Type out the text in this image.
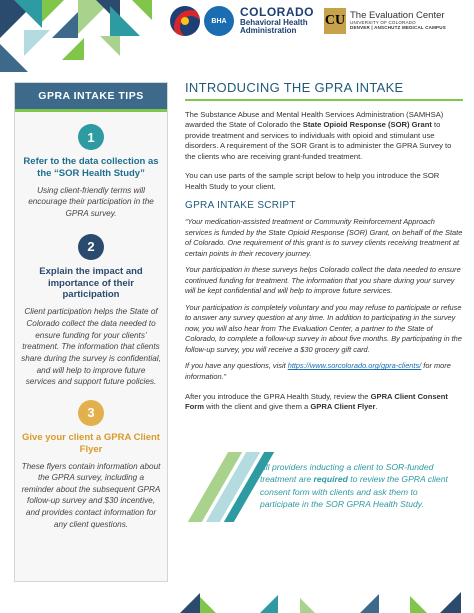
BHA
COLORADO
Behavioral Health
Administration
CU The Evaluation Center
UNIVERSITY OF COLORADO
DENVER | ANSCHUTZ MEDICAL CAMPUS
GPRA INTAKE TIPS
1
Refer to the data collection as the “SOR Health Study”
Using client-friendly terms will encourage their participation in the GPRA survey.
2
Explain the impact and importance of their participation
Client participation helps the State of Colorado collect the data needed to ensure funding for your clients’ treatment. The information that clients share during the survey is confidential, and will help to improve future services and support future policies.
3
Give your client a GPRA Client Flyer
These flyers contain information about the GPRA survey, including a reminder about the subsequent GPRA follow-up survey and $30 incentive, and provides contact information for any client questions.
INTRODUCING THE GPRA INTAKE

The Substance Abuse and Mental Health Services Administration (SAMHSA) awarded the State of Colorado the State Opioid Response (SOR) Grant to provide treatment and services to individuals with opioid and stimulant use disorders. A requirement of the SOR Grant is to administer the GPRA Survey to the clients who are receiving grant-funded treatment.

You can use parts of the sample script below to help you introduce the SOR Health Study to your client.

GPRA INTAKE SCRIPT

“Your medication-assisted treatment or Community Reinforcement Approach services is funded by the State Opioid Response (SOR) Grant, on behalf of the State of Colorado. One requirement of this grant is to survey clients receiving treatment at certain points in their recovery journey.

Your participation in these surveys helps Colorado collect the data needed to ensure continued funding for treatment. The information that you share during your survey will be kept confidential and will help to improve future services.

Your participation is completely voluntary and you may refuse to participate or refuse to answer any survey question at any time. In addition to participating in the survey now, you will also hear from The Evaluation Center, a partner to the State of Colorado, to complete a follow-up survey in about five months. By participating in the follow-up survey, you will receive a $30 grocery gift card.

If you have any questions, visit https://www.sorcolorado.org/gpra-clients/ for more information.”

After you introduce the GPRA Health Study, review the GPRA Client Consent Form with the client and give them a GPRA Client Flyer.

All providers inducting a client to SOR-funded treatment are required to review the GPRA client consent form with clients and ask them to participate in the SOR GPRA Health Study.
